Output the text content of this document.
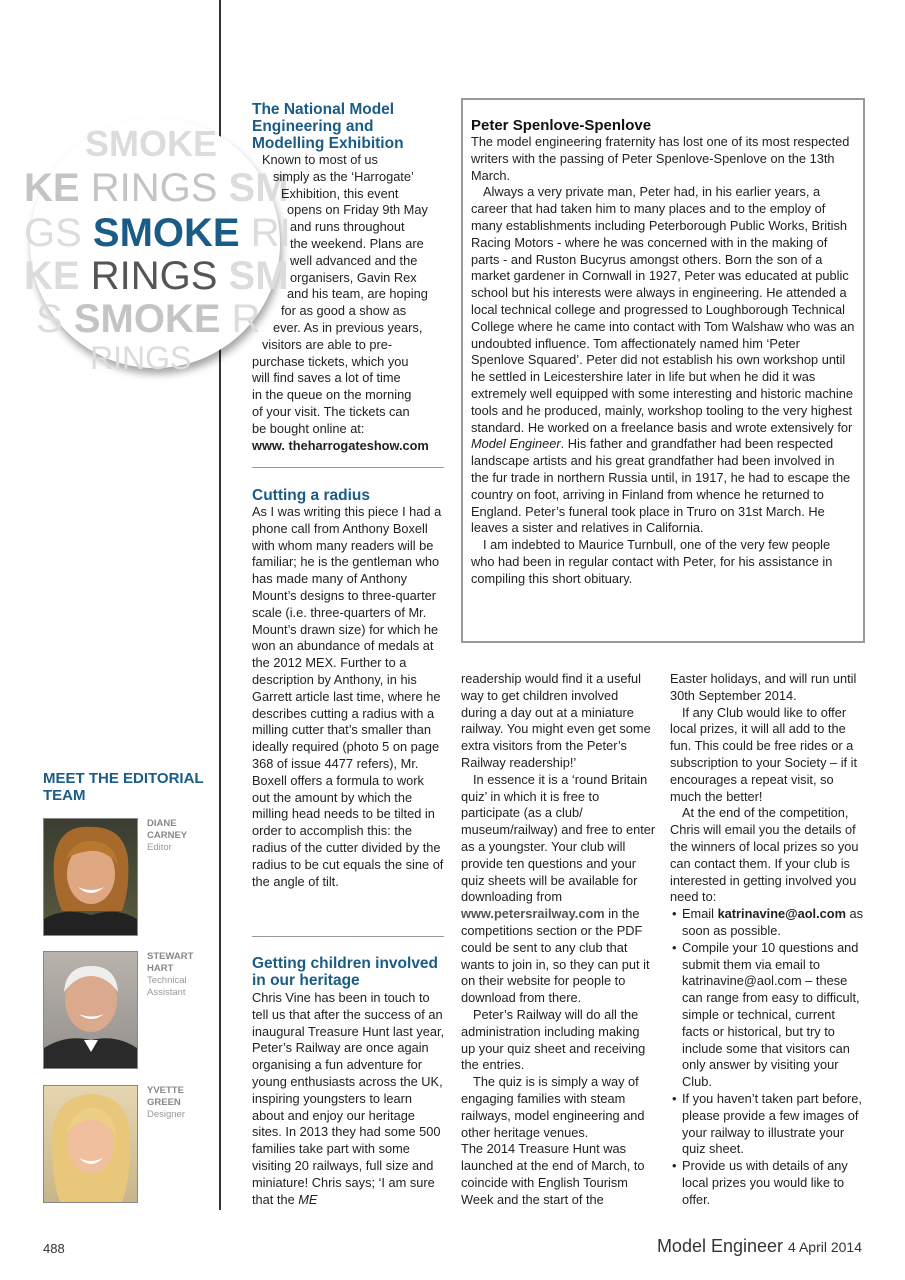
SMOKE
KE RINGS SM
GS SMOKE RI
KE RINGS SM
S SMOKE R
RINGS
The National Model Engineering and Modelling Exhibition

Known to most of us

simply as the ‘Harrogate’

Exhibition, this event

opens on Friday 9th May

and runs throughout

the weekend. Plans are

well advanced and the

organisers, Gavin Rex

and his team, are hoping

for as good a show as

ever. As in previous years,

visitors are able to pre-

purchase tickets, which you

will find saves a lot of time

in the queue on the morning

of your visit. The tickets can

be bought online at:

www. theharrogateshow.com

Cutting a radius

As I was writing this piece I had a phone call from Anthony Boxell with whom many readers will be familiar; he is the gentleman who has made many of Anthony Mount’s designs to three-quarter scale (i.e. three-quarters of Mr. Mount’s drawn size) for which he won an abundance of medals at the 2012 MEX. Further to a description by Anthony, in his Garrett article last time, where he describes cutting a radius with a milling cutter that’s smaller than ideally required (photo 5 on page 368 of issue 4477 refers), Mr. Boxell offers a formula to work out the amount by which the milling head needs to be tilted in order to accomplish this: the radius of the cutter divided by the radius to be cut equals the sine of the angle of tilt.

Getting children involved in our heritage

Chris Vine has been in touch to tell us that after the success of an inaugural Treasure Hunt last year, Peter’s Railway are once again organising a fun adventure for young enthusiasts across the UK, inspiring youngsters to learn about and enjoy our heritage sites. In 2013 they had some 500 families take part with some visiting 20 railways, full size and miniature! Chris says; ‘I am sure that the ME

Peter Spenlove-Spenlove

The model engineering fraternity has lost one of its most respected writers with the passing of Peter Spenlove-Spenlove on the 13th March.

Always a very private man, Peter had, in his earlier years, a career that had taken him to many places and to the employ of many establishments including Peterborough Public Works, British Racing Motors - where he was concerned with in the making of parts - and Ruston Bucyrus amongst others. Born the son of a market gardener in Cornwall in 1927, Peter was educated at public school but his interests were always in engineering. He attended a local technical college and progressed to Loughborough Technical College where he came into contact with Tom Walshaw who was an undoubted influence. Tom affectionately named him ‘Peter Spenlove Squared’. Peter did not establish his own workshop until he settled in Leicestershire later in life but when he did it was extremely well equipped with some interesting and historic machine tools and he produced, mainly, workshop tooling to the very highest standard. He worked on a freelance basis and wrote extensively for Model Engineer. His father and grandfather had been respected landscape artists and his great grandfather had been involved in the fur trade in northern Russia until, in 1917, he had to escape the country on foot, arriving in Finland from whence he returned to England. Peter’s funeral took place in Truro on 31st March. He leaves a sister and relatives in California.

I am indebted to Maurice Turnbull, one of the very few people who had been in regular contact with Peter, for his assistance in compiling this short obituary.

readership would find it a useful way to get children involved during a day out at a miniature railway. You might even get some extra visitors from the Peter’s Railway readership!’

In essence it is a ‘round Britain quiz’ in which it is free to participate (as a club/ museum/railway) and free to enter as a youngster. Your club will provide ten questions and your quiz sheets will be available for downloading from www.petersrailway.com in the competitions section or the PDF could be sent to any club that wants to join in, so they can put it on their website for people to download from there.

Peter’s Railway will do all the administration including making up your quiz sheet and receiving the entries.

The quiz is is simply a way of engaging families with steam railways, model engineering and other heritage venues.

The 2014 Treasure Hunt was launched at the end of March, to coincide with English Tourism Week and the start of the

Easter holidays, and will run until 30th September 2014.

If any Club would like to offer local prizes, it will all add to the fun. This could be free rides or a subscription to your Society – if it encourages a repeat visit, so much the better!

At the end of the competition, Chris will email you the details of the winners of local prizes so you can contact them. If your club is interested in getting involved you need to:

• Email katrinavine@aol.com as soon as possible.
• Compile your 10 questions and submit them via email to katrinavine@aol.com – these can range from easy to difficult, simple or technical, current facts or historical, but try to include some that visitors can only answer by visiting your Club.
• If you haven’t taken part before, please provide a few images of your railway to illustrate your quiz sheet.
• Provide us with details of any local prizes you would like to offer.
MEET THE EDITORIAL TEAM
DIANE
CARNEY
Editor
STEWART
HART
Technical Assistant
YVETTE
GREEN
Designer
488	Model Engineer 4 April 2014
